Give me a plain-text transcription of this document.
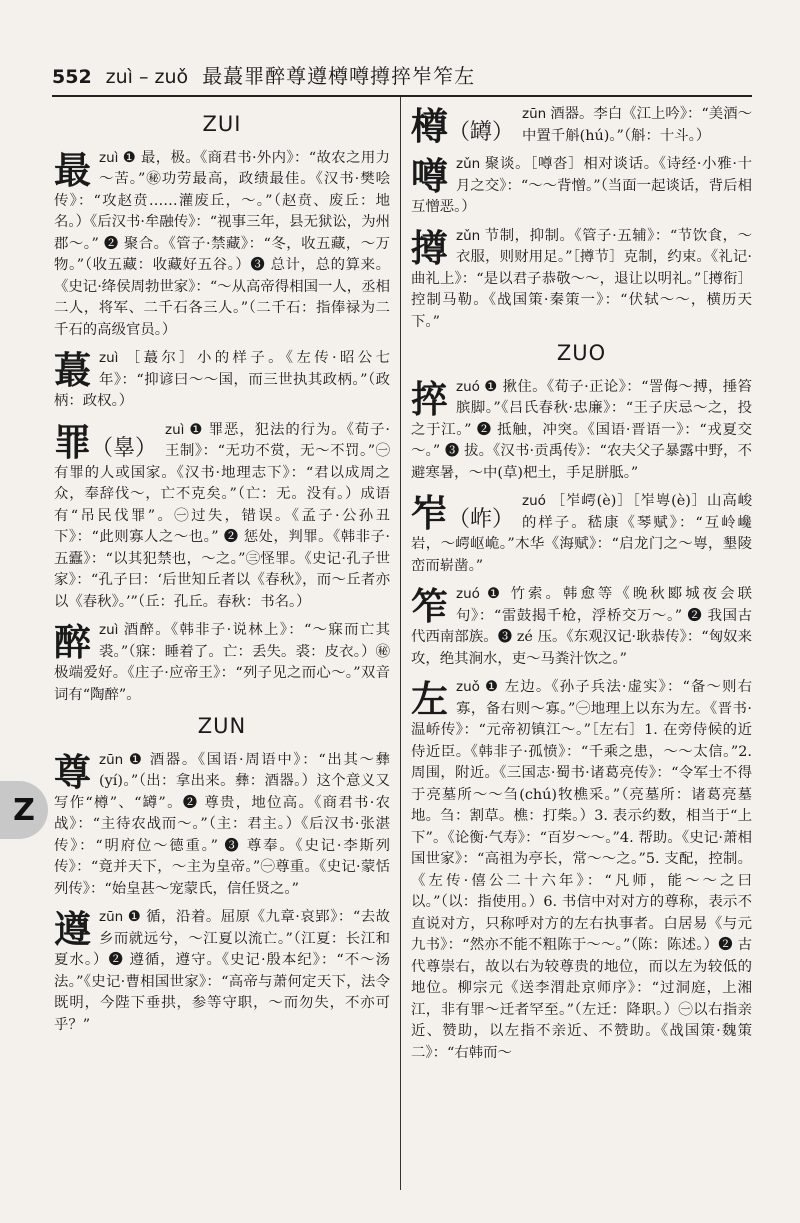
552 zuì – zuǒ 最蕞罪醉尊遵樽噂撙捽岝笮左
ZUI
最zuì ❶ 最，极。《商君书·外内》：“故农之用力～苦。”㊙功劳最高，政绩最佳。《汉书·樊哙传》：“攻赵贲……灌废丘，～。”（赵贲、废丘：地名。）《后汉书·牟融传》：“视事三年，县无狱讼，为州郡～。” ❷ 聚合。《管子·禁藏》：“冬，收五藏，～万物。”（收五藏：收藏好五谷。）❸ 总计，总的算来。《史记·绛侯周勃世家》：“～从高帝得相国一人，丞相二人，将军、二千石各三人。”（二千石：指俸禄为二千石的高级官员。）
蕞zuì ［蕞尔］小的样子。《左传·昭公七年》：“抑谚曰～～国，而三世执其政柄。”（政柄：政权。）
罪（辠）
zuì ❶ 罪恶，犯法的行为。《荀子·王制》：“无功不赏，无～不罚。”㊀有罪的人或国家。《汉书·地理志下》：“君以成周之众，奉辞伐～，亡不克矣。”（亡：无。没有。）成语有“吊民伐罪”。㊀过失，错误。《孟子·公孙丑下》：“此则寡人之～也。” ❷ 惩处，判罪。《韩非子·五蠹》：“以其犯禁也，～之。”㊂怪罪。《史记·孔子世家》：“孔子曰：‘后世知丘者以《春秋》，而～丘者亦以《春秋》。’”（丘：孔丘。春秋：书名。）
醉zuì 酒醉。《韩非子·说林上》：“～寐而亡其裘。”（寐：睡着了。亡：丢失。裘：皮衣。）㊙极端爱好。《庄子·应帝王》：“列子见之而心～。”双音词有“陶醉”。
ZUN
尊zūn ❶ 酒器。《国语·周语中》：“出其～彝(yí)。”（出：拿出来。彝：酒器。）这个意义又写作“樽”、“罇”。❷ 尊贵，地位高。《商君书·农战》：“主待农战而～。”（主：君主。）《后汉书·张湛传》：“明府位～德重。” ❸ 尊奉。《史记·李斯列传》：“竟并天下，～主为皇帝。”㊀尊重。《史记·蒙恬列传》：“始皇甚～宠蒙氏，信任贤之。”
遵zūn ❶ 循，沿着。屈原《九章·哀郢》：“去故乡而就远兮，～江夏以流亡。”（江夏：长江和夏水。）❷ 遵循，遵守。《史记·殷本纪》：“不～汤法。”《史记·曹相国世家》：“高帝与萧何定天下，法令既明，今陛下垂拱，参等守职，～而勿失，不亦可乎？”
樽（罇）
zūn 酒器。李白《江上吟》：“美酒～中置千斛(hú)。”（斛：十斗。）
噂zǔn 聚谈。［噂沓］相对谈话。《诗经·小雅·十月之交》：“～～背憎。”（当面一起谈话，背后相互憎恶。）
撙zǔn 节制，抑制。《管子·五辅》：“节饮食，～衣服，则财用足。”［撙节］克制，约束。《礼记·曲礼上》：“是以君子恭敬～～，退让以明礼。”［撙衔］控制马勒。《战国策·秦策一》：“伏轼～～，横历天下。”
ZUO
捽zuó ❶ 揪住。《荀子·正论》：“詈侮～搏，捶笞膑脚。”《吕氏春秋·忠廉》：“王子庆忌～之，投之于江。” ❷ 抵触，冲突。《国语·晋语一》：“戎夏交～。” ❸ 拔。《汉书·贡禹传》：“农夫父子暴露中野，不避寒暑，～中(草)杷土，手足胼胝。”
岝（岞）
zuó ［岝崿(è)］［岝㟧(è)］山高峻的样子。嵇康《琴赋》：“互岭巉岩，～崿岖峗。”木华《海赋》：“启龙门之～㟧，墾陵峦而崭凿。”
笮zuó ❶ 竹索。韩愈等《晚秋郾城夜会联句》：“雷鼓揭千枪，浮桥交万～。” ❷ 我国古代西南部族。❸ zé 压。《东观汉记·耿恭传》：“匈奴来攻，绝其涧水，吏～马粪汁饮之。”
左zuǒ ❶ 左边。《孙子兵法·虚实》：“备～则右寡，备右则～寡。”㊀地理上以东为左。《晋书·温峤传》：“元帝初镇江～。”［左右］1. 在旁侍候的近侍近臣。《韩非子·孤愤》：“千乘之患，～～太信。”2. 周围，附近。《三国志·蜀书·诸葛亮传》：“令军士不得于亮墓所～～刍(chú)牧樵采。”（亮墓所：诸葛亮墓地。刍：割草。樵：打柴。）3. 表示约数，相当于“上下”。《论衡·气寿》：“百岁～～。”4. 帮助。《史记·萧相国世家》：“高祖为亭长，常～～之。”5. 支配，控制。《左传·僖公二十六年》：“凡师，能～～之曰以。”（以：指使用。）6. 书信中对对方的尊称，表示不直说对方，只称呼对方的左右执事者。白居易《与元九书》：“然亦不能不粗陈于～～。”（陈：陈述。）❷ 古代尊崇右，故以右为较尊贵的地位，而以左为较低的地位。柳宗元《送李渭赴京师序》：“过洞庭，上湘江，非有罪～迁者罕至。”（左迁：降职。）㊀以右指亲近、赞助，以左指不亲近、不赞助。《战国策·魏策二》：“右韩而～
Z
